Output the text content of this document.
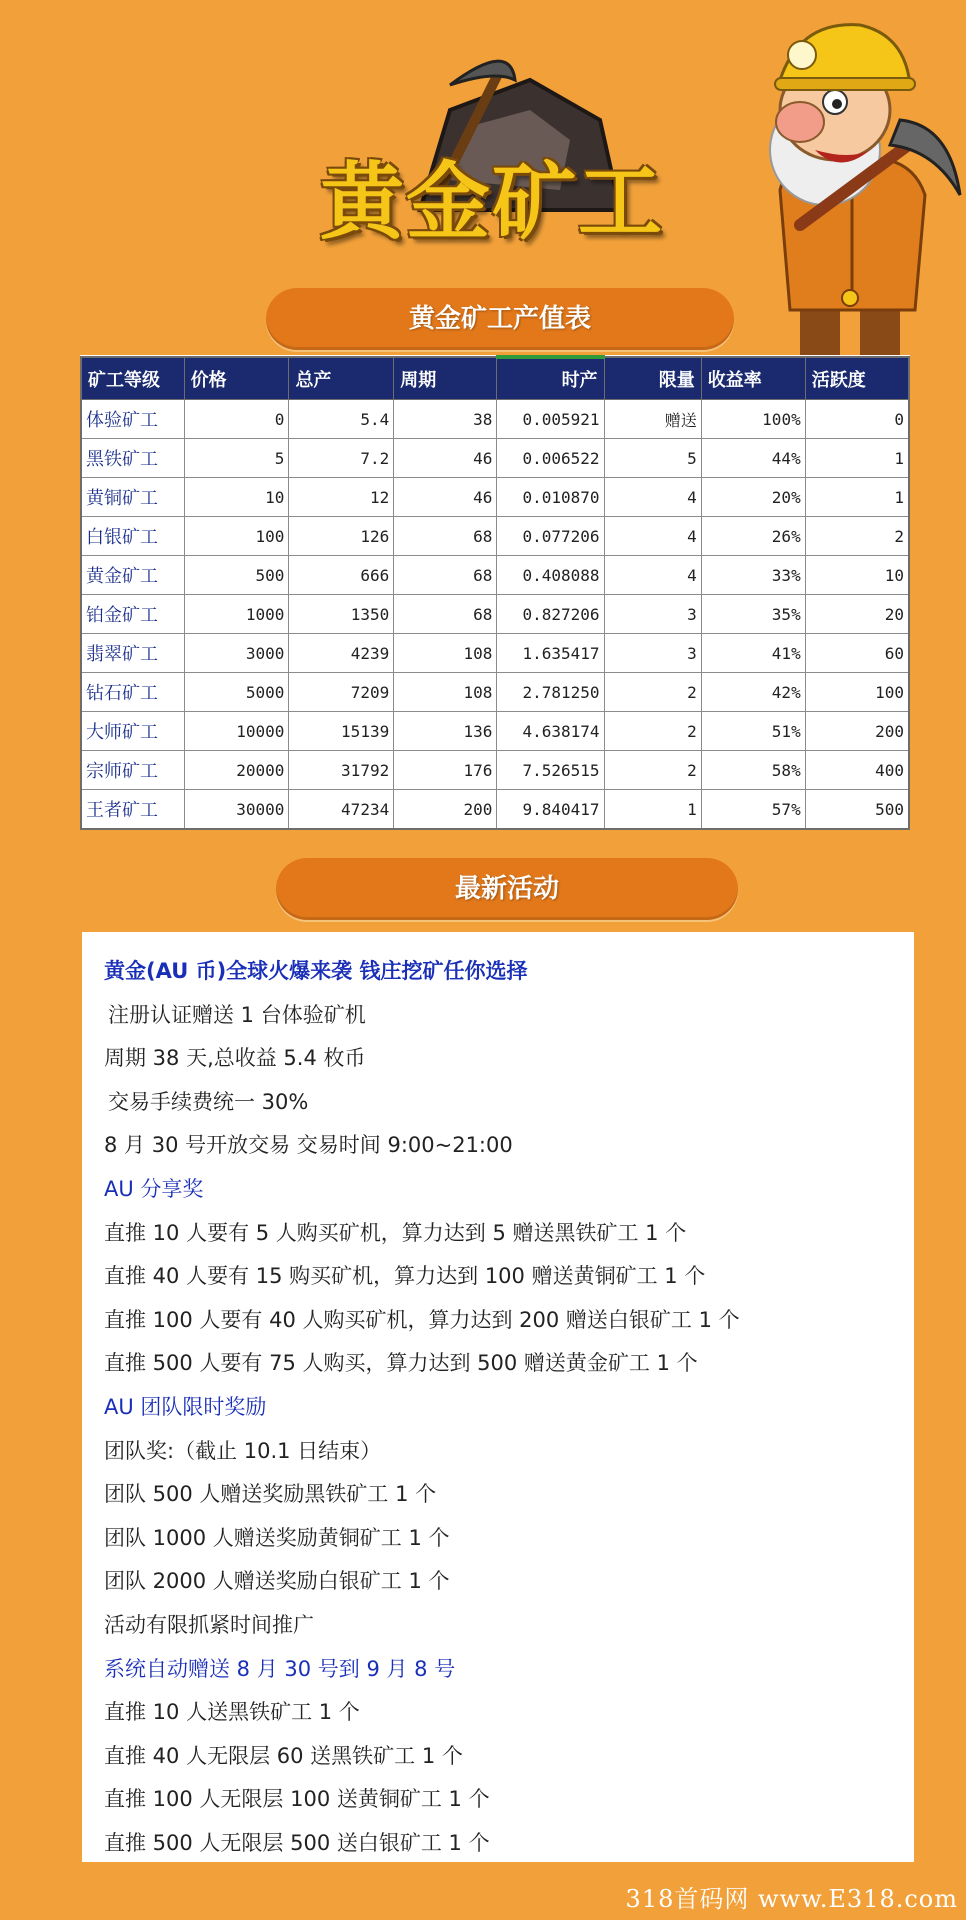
黄金矿工
黄金矿工产值表
矿工等级	价格	总产	周期	时产	限量	收益率	活跃度
体验矿工	0	5.4	38	0.005921	赠送	100%	0
黑铁矿工	5	7.2	46	0.006522	5	44%	1
黄铜矿工	10	12	46	0.010870	4	20%	1
白银矿工	100	126	68	0.077206	4	26%	2
黄金矿工	500	666	68	0.408088	4	33%	10
铂金矿工	1000	1350	68	0.827206	3	35%	20
翡翠矿工	3000	4239	108	1.635417	3	41%	60
钻石矿工	5000	7209	108	2.781250	2	42%	100
大师矿工	10000	15139	136	4.638174	2	51%	200
宗师矿工	20000	31792	176	7.526515	2	58%	400
王者矿工	30000	47234	200	9.840417	1	57%	500
最新活动
黄金(AU 币)全球火爆来袭 钱庄挖矿任你选择
注册认证赠送 1 台体验矿机
周期 38 天,总收益 5.4 枚币
交易手续费统一 30%
8 月 30 号开放交易 交易时间 9:00~21:00
AU 分享奖
直推 10 人要有 5 人购买矿机，算力达到 5 赠送黑铁矿工 1 个
直推 40 人要有 15 购买矿机，算力达到 100 赠送黄铜矿工 1 个
直推 100 人要有 40 人购买矿机，算力达到 200 赠送白银矿工 1 个
直推 500 人要有 75 人购买，算力达到 500 赠送黄金矿工 1 个
AU 团队限时奖励
团队奖:（截止 10.1 日结束）
团队 500 人赠送奖励黑铁矿工 1 个
团队 1000 人赠送奖励黄铜矿工 1 个
团队 2000 人赠送奖励白银矿工 1 个
活动有限抓紧时间推广
系统自动赠送 8 月 30 号到 9 月 8 号
直推 10 人送黑铁矿工 1 个
直推 40 人无限层 60 送黑铁矿工 1 个
直推 100 人无限层 100 送黄铜矿工 1 个
直推 500 人无限层 500 送白银矿工 1 个
318首码网 www.E318.com
